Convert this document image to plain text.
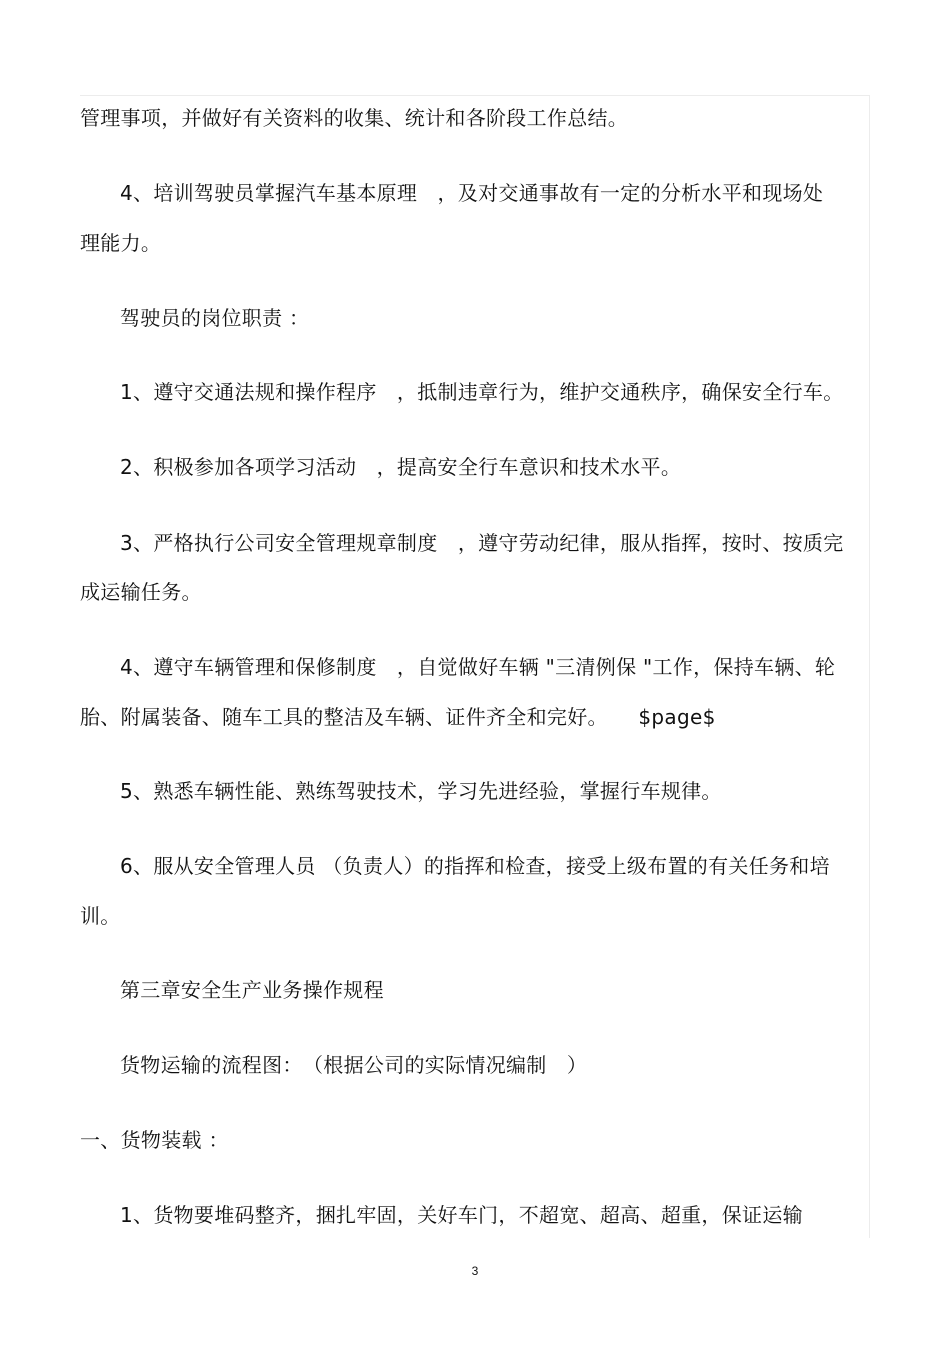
管理事项，并做好有关资料的收集、统计和各阶段工作总结。
4、培训驾驶员掌握汽车基本原理　，及对交通事故有一定的分析水平和现场处
理能力。
驾驶员的岗位职责 ：
1、遵守交通法规和操作程序　，抵制违章行为，维护交通秩序，确保安全行车。
2、积极参加各项学习活动　，提高安全行车意识和技术水平。
3、严格执行公司安全管理规章制度　，遵守劳动纪律，服从指挥，按时、按质完
成运输任务。
4、遵守车辆管理和保修制度　，自觉做好车辆 "三清例保 "工作，保持车辆、轮
胎、附属装备、随车工具的整洁及车辆、证件齐全和完好。　　$page$
5、熟悉车辆性能、熟练驾驶技术，学习先进经验，掌握行车规律。
6、服从安全管理人员 （负责人）的指挥和检查，接受上级布置的有关任务和培
训。
第三章安全生产业务操作规程
货物运输的流程图：　（根据公司的实际情况编制　）
一、货物装载 ：
1、货物要堆码整齐，捆扎牢固，关好车门，不超宽、超高、超重，保证运输
3
